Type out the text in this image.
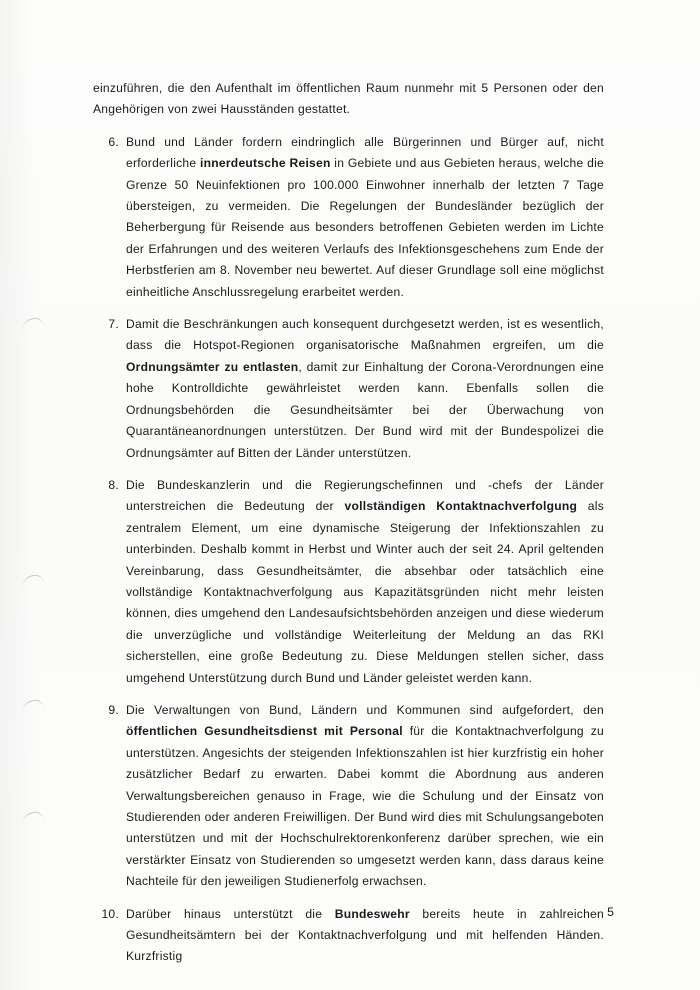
einzuführen, die den Aufenthalt im öffentlichen Raum nunmehr mit 5 Personen oder den Angehörigen von zwei Hausständen gestattet.

6. Bund und Länder fordern eindringlich alle Bürgerinnen und Bürger auf, nicht erforderliche innerdeutsche Reisen in Gebiete und aus Gebieten heraus, welche die Grenze 50 Neuinfektionen pro 100.000 Einwohner innerhalb der letzten 7 Tage übersteigen, zu vermeiden. Die Regelungen der Bundesländer bezüglich der Beherbergung für Reisende aus besonders betroffenen Gebieten werden im Lichte der Erfahrungen und des weiteren Verlaufs des Infektionsgeschehens zum Ende der Herbstferien am 8. November neu bewertet. Auf dieser Grundlage soll eine möglichst einheitliche Anschlussregelung erarbeitet werden.
7. Damit die Beschränkungen auch konsequent durchgesetzt werden, ist es wesentlich, dass die Hotspot-Regionen organisatorische Maßnahmen ergreifen, um die Ordnungsämter zu entlasten, damit zur Einhaltung der Corona-Verordnungen eine hohe Kontrolldichte gewährleistet werden kann. Ebenfalls sollen die Ordnungsbehörden die Gesundheitsämter bei der Überwachung von Quarantäneanordnungen unterstützen. Der Bund wird mit der Bundespolizei die Ordnungsämter auf Bitten der Länder unterstützen.
8. Die Bundeskanzlerin und die Regierungschefinnen und -chefs der Länder unterstreichen die Bedeutung der vollständigen Kontaktnachverfolgung als zentralem Element, um eine dynamische Steigerung der Infektionszahlen zu unterbinden. Deshalb kommt in Herbst und Winter auch der seit 24. April geltenden Vereinbarung, dass Gesundheitsämter, die absehbar oder tatsächlich eine vollständige Kontaktnachverfolgung aus Kapazitätsgründen nicht mehr leisten können, dies umgehend den Landesaufsichtsbehörden anzeigen und diese wiederum die unverzügliche und vollständige Weiterleitung der Meldung an das RKI sicherstellen, eine große Bedeutung zu. Diese Meldungen stellen sicher, dass umgehend Unterstützung durch Bund und Länder geleistet werden kann.
9. Die Verwaltungen von Bund, Ländern und Kommunen sind aufgefordert, den öffentlichen Gesundheitsdienst mit Personal für die Kontaktnachverfolgung zu unterstützen. Angesichts der steigenden Infektionszahlen ist hier kurzfristig ein hoher zusätzlicher Bedarf zu erwarten. Dabei kommt die Abordnung aus anderen Verwaltungsbereichen genauso in Frage, wie die Schulung und der Einsatz von Studierenden oder anderen Freiwilligen. Der Bund wird dies mit Schulungsangeboten unterstützen und mit der Hochschulrektorenkonferenz darüber sprechen, wie ein verstärkter Einsatz von Studierenden so umgesetzt werden kann, dass daraus keine Nachteile für den jeweiligen Studienerfolg erwachsen.
10. Darüber hinaus unterstützt die Bundeswehr bereits heute in zahlreichen Gesundheitsämtern bei der Kontaktnachverfolgung und mit helfenden Händen. Kurzfristig
5
